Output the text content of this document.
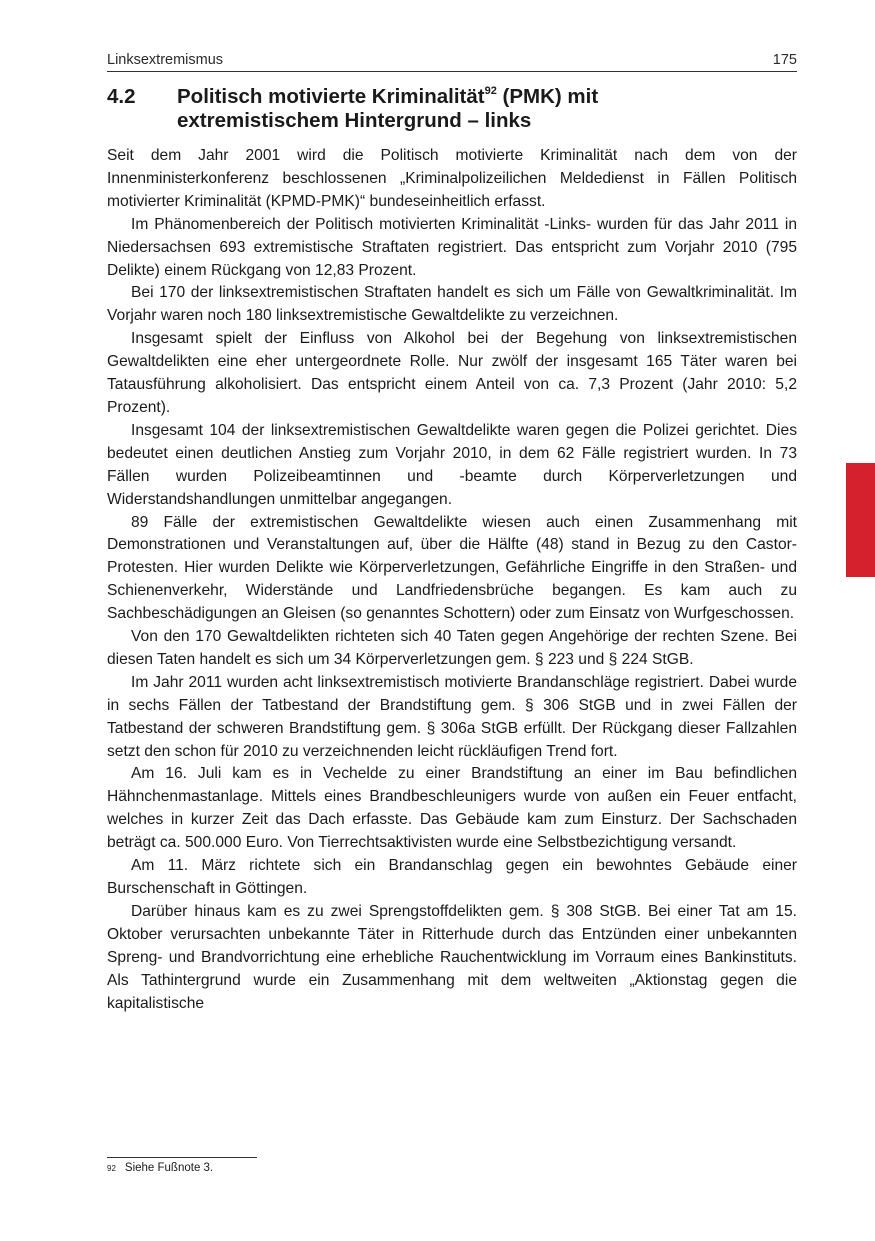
Linksextremismus	175
4.2	Politisch motivierte Kriminalität$^{92}$ (PMK) mit
extremistischem Hintergrund – links

Seit dem Jahr 2001 wird die Politisch motivierte Kriminalität nach dem von der Innenministerkonferenz beschlossenen „Kriminalpolizeilichen Meldedienst in Fällen Politisch motivierter Kriminalität (KPMD-PMK)“ bundeseinheitlich erfasst.

Im Phänomenbereich der Politisch motivierten Kriminalität -Links- wurden für das Jahr 2011 in Niedersachsen 693 extremistische Straftaten registriert. Das entspricht zum Vorjahr 2010 (795 Delikte) einem Rückgang von 12,83 Prozent.

Bei 170 der linksextremistischen Straftaten handelt es sich um Fälle von Gewaltkriminalität. Im Vorjahr waren noch 180 linksextremistische Gewaltdelikte zu verzeichnen.

Insgesamt spielt der Einfluss von Alkohol bei der Begehung von linksextremistischen Gewaltdelikten eine eher untergeordnete Rolle. Nur zwölf der insgesamt 165 Täter waren bei Tatausführung alkoholisiert. Das entspricht einem Anteil von ca. 7,3 Prozent (Jahr 2010: 5,2 Prozent).

Insgesamt 104 der linksextremistischen Gewaltdelikte waren gegen die Polizei gerichtet. Dies bedeutet einen deutlichen Anstieg zum Vorjahr 2010, in dem 62 Fälle registriert wurden. In 73 Fällen wurden Polizeibeamtinnen und -beamte durch Körperverletzungen und Widerstandshandlungen unmittelbar angegangen.

89 Fälle der extremistischen Gewaltdelikte wiesen auch einen Zusammenhang mit Demonstrationen und Veranstaltungen auf, über die Hälfte (48) stand in Bezug zu den Castor-Protesten. Hier wurden Delikte wie Körperverletzungen, Gefährliche Eingriffe in den Straßen- und Schienenverkehr, Widerstände und Landfriedensbrüche begangen. Es kam auch zu Sachbeschädigungen an Gleisen (so genanntes Schottern) oder zum Einsatz von Wurfgeschossen.

Von den 170 Gewaltdelikten richteten sich 40 Taten gegen Angehörige der rechten Szene. Bei diesen Taten handelt es sich um 34 Körperverletzungen gem. § 223 und § 224 StGB.

Im Jahr 2011 wurden acht linksextremistisch motivierte Brandanschläge registriert. Dabei wurde in sechs Fällen der Tatbestand der Brandstiftung gem. § 306 StGB und in zwei Fällen der Tatbestand der schweren Brandstiftung gem. § 306a StGB erfüllt. Der Rückgang dieser Fallzahlen setzt den schon für 2010 zu verzeichnenden leicht rückläufigen Trend fort.

Am 16. Juli kam es in Vechelde zu einer Brandstiftung an einer im Bau befindlichen Hähnchenmastanlage. Mittels eines Brandbeschleunigers wurde von außen ein Feuer entfacht, welches in kurzer Zeit das Dach erfasste. Das Gebäude kam zum Einsturz. Der Sachschaden beträgt ca. 500.000 Euro. Von Tierrechtsaktivisten wurde eine Selbstbezichtigung versandt.

Am 11. März richtete sich ein Brandanschlag gegen ein bewohntes Gebäude einer Burschenschaft in Göttingen.

Darüber hinaus kam es zu zwei Sprengstoffdelikten gem. § 308 StGB. Bei einer Tat am 15. Oktober verursachten unbekannte Täter in Ritterhude durch das Entzünden einer unbekannten Spreng- und Brandvorrichtung eine erhebliche Rauchentwicklung im Vorraum eines Bankinstituts. Als Tathintergrund wurde ein Zusammenhang mit dem weltweiten „Aktionstag gegen die kapitalistische

92 Siehe Fußnote 3.
